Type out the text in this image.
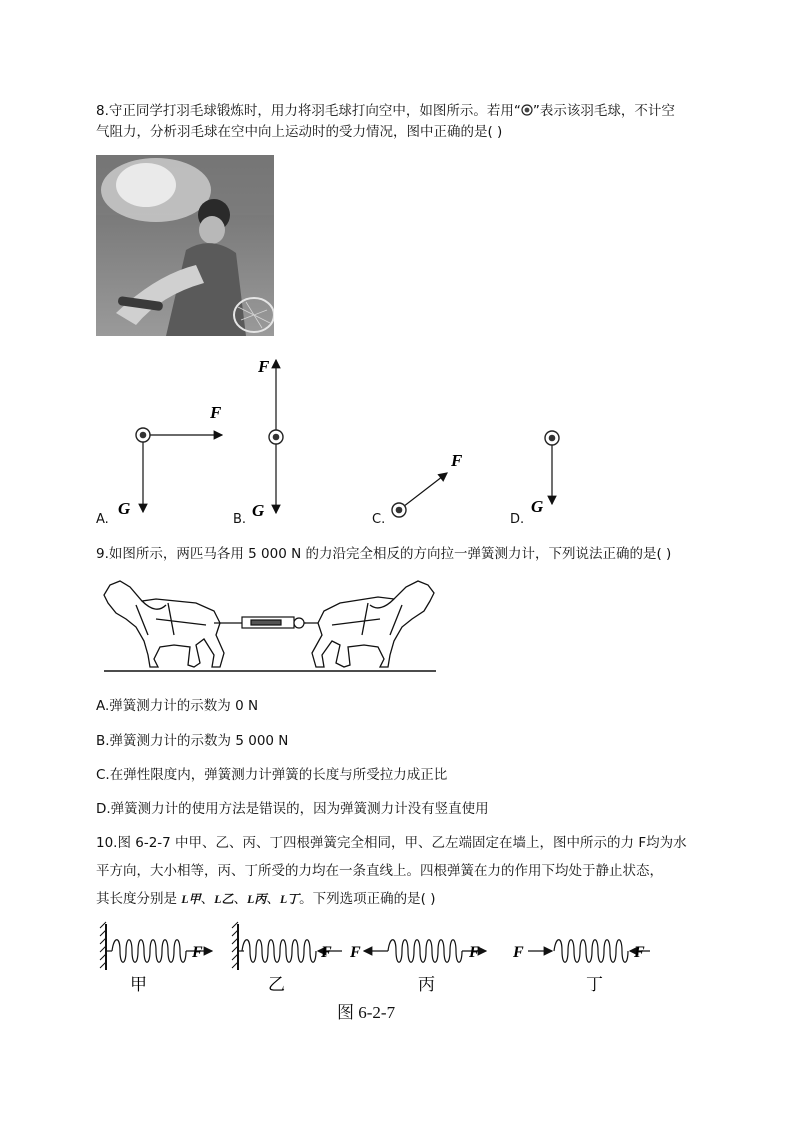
8.守正同学打羽毛球锻炼时，用力将羽毛球打向空中，如图所示。若用“ ”表示该羽毛球，不计空
气阻力，分析羽毛球在空中向上运动时的受力情况，图中正确的是( )
F
G
F
G
F
G
A.	B.	C.	D.
9.如图所示，两匹马各用 5 000 N 的力沿完全相反的方向拉一弹簧测力计，下列说法正确的是( )
A.弹簧测力计的示数为 0 N
B.弹簧测力计的示数为 5 000 N
C.在弹性限度内，弹簧测力计弹簧的长度与所受拉力成正比
D.弹簧测力计的使用方法是错误的，因为弹簧测力计没有竖直使用
10.图 6-2-7 中甲、乙、丙、丁四根弹簧完全相同，甲、乙左端固定在墙上，图中所示的力 F均为水
平方向，大小相等，丙、丁所受的力均在一条直线上。四根弹簧在力的作用下均处于静止状态，
其长度分别是 L甲、L乙、L丙、L丁。下列选项正确的是( )
F	F F	F F	F
甲	乙	丙	丁
图 6-2-7
